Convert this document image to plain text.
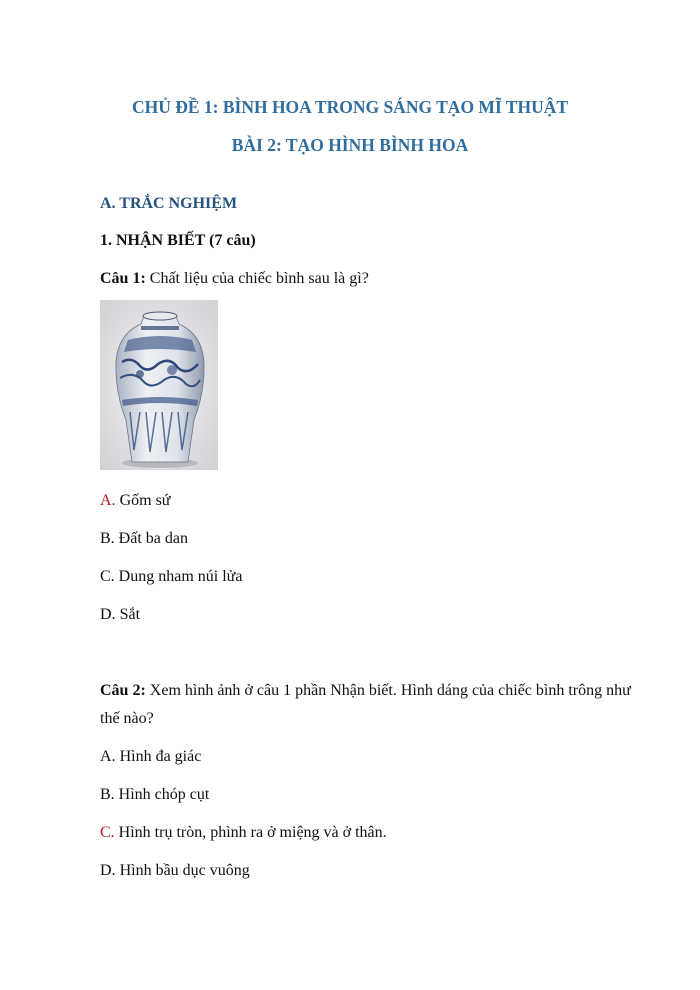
CHỦ ĐỀ 1: BÌNH HOA TRONG SÁNG TẠO MĨ THUẬT
BÀI 2: TẠO HÌNH BÌNH HOA
A. TRẮC NGHIỆM
1. NHẬN BIẾT (7 câu)
Câu 1: Chất liệu của chiếc bình sau là gì?
A. Gốm sứ
B. Đất ba dan
C. Dung nham núi lửa
D. Sắt
Câu 2: Xem hình ảnh ở câu 1 phần Nhận biết. Hình dáng của chiếc bình trông như
thế nào?
A. Hình đa giác
B. Hình chóp cụt
C. Hình trụ tròn, phình ra ở miệng và ở thân.
D. Hình bầu dục vuông
